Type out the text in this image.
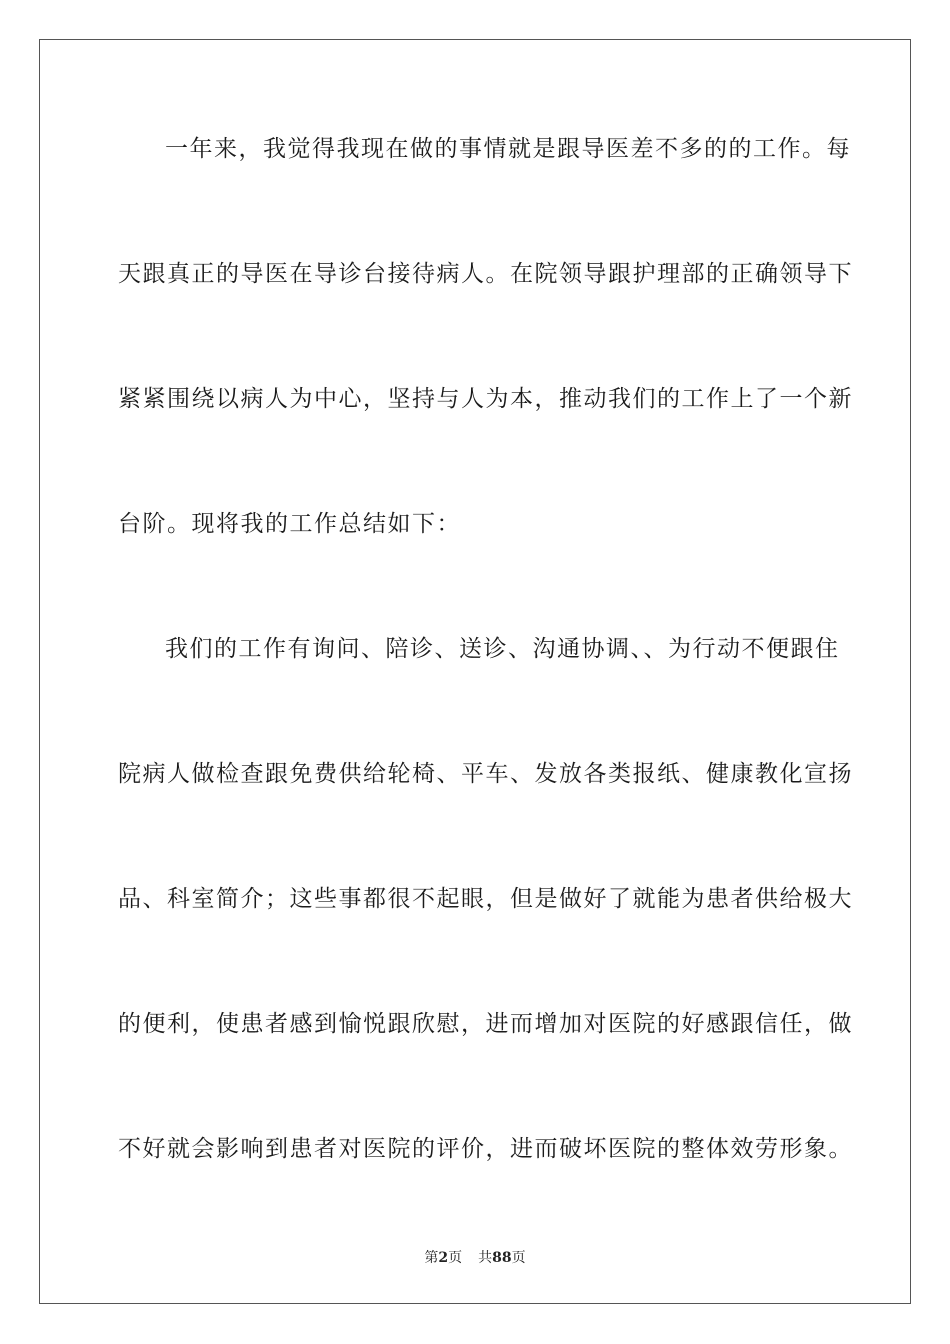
一年来，我觉得我现在做的事情就是跟导医差不多的的工作。每
天跟真正的导医在导诊台接待病人。在院领导跟护理部的正确领导下
紧紧围绕以病人为中心，坚持与人为本，推动我们的工作上了一个新
台阶。现将我的工作总结如下：
我们的工作有询问、陪诊、送诊、沟通协调、、为行动不便跟住
院病人做检查跟免费供给轮椅、平车、发放各类报纸、健康教化宣扬
品、科室简介；这些事都很不起眼，但是做好了就能为患者供给极大
的便利，使患者感到愉悦跟欣慰，进而增加对医院的好感跟信任，做
不好就会影响到患者对医院的评价，进而破坏医院的整体效劳形象。
第2页 共88页
